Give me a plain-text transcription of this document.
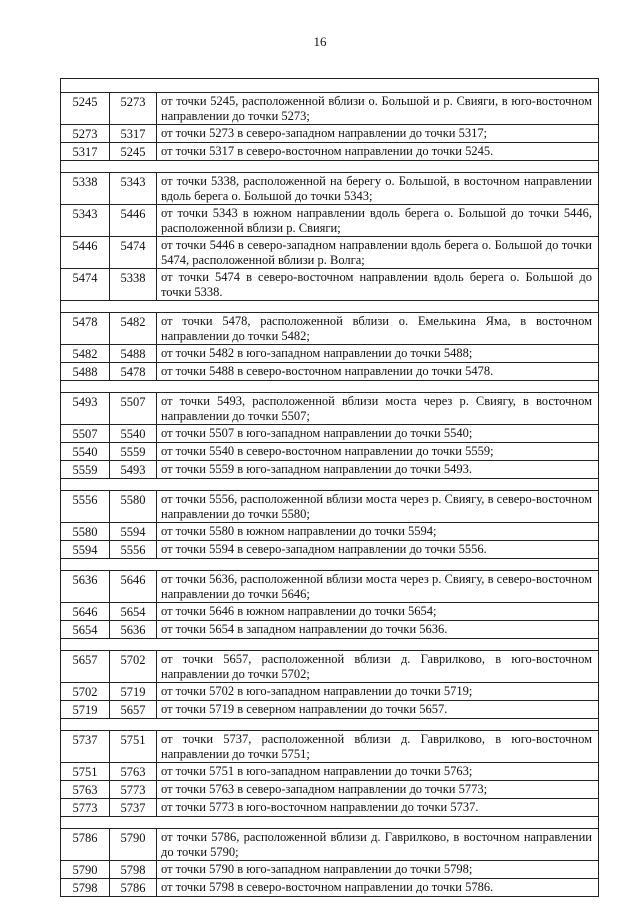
16
5245	5273	от точки 5245, расположенной вблизи о. Большой и р. Свияги, в юго-восточном направлении до точки 5273;
5273	5317	от точки 5273 в северо-западном направлении до точки 5317;
5317	5245	от точки 5317 в северо-восточном направлении до точки 5245.
5338	5343	от точки 5338, расположенной на берегу о. Большой, в восточном направлении вдоль берега о. Большой до точки 5343;
5343	5446	от точки 5343 в южном направлении вдоль берега о. Большой до точки 5446, расположенной вблизи р. Свияги;
5446	5474	от точки 5446 в северо-западном направлении вдоль берега о. Большой до точки 5474, расположенной вблизи р. Волга;
5474	5338	от точки 5474 в северо-восточном направлении вдоль берега о. Большой до точки 5338.
5478	5482	от точки 5478, расположенной вблизи о. Емелькина Яма, в восточном направлении до точки 5482;
5482	5488	от точки 5482 в юго-западном направлении до точки 5488;
5488	5478	от точки 5488 в северо-восточном направлении до точки 5478.
5493	5507	от точки 5493, расположенной вблизи моста через р. Свиягу, в восточном направлении до точки 5507;
5507	5540	от точки 5507 в юго-западном направлении до точки 5540;
5540	5559	от точки 5540 в северо-восточном направлении до точки 5559;
5559	5493	от точки 5559 в юго-западном направлении до точки 5493.
5556	5580	от точки 5556, расположенной вблизи моста через р. Свиягу, в северо-восточном направлении до точки 5580;
5580	5594	от точки 5580 в южном направлении до точки 5594;
5594	5556	от точки 5594 в северо-западном направлении до точки 5556.
5636	5646	от точки 5636, расположенной вблизи моста через р. Свиягу, в северо-восточном направлении до точки 5646;
5646	5654	от точки 5646 в южном направлении до точки 5654;
5654	5636	от точки 5654 в западном направлении до точки 5636.
5657	5702	от точки 5657, расположенной вблизи д. Гаврилково, в юго-восточном направлении до точки 5702;
5702	5719	от точки 5702 в юго-западном направлении до точки 5719;
5719	5657	от точки 5719 в северном направлении до точки 5657.
5737	5751	от точки 5737, расположенной вблизи д. Гаврилково, в юго-восточном направлении до точки 5751;
5751	5763	от точки 5751 в юго-западном направлении до точки 5763;
5763	5773	от точки 5763 в северо-западном направлении до точки 5773;
5773	5737	от точки 5773 в юго-восточном направлении до точки 5737.
5786	5790	от точки 5786, расположенной вблизи д. Гаврилково, в восточном направлении до точки 5790;
5790	5798	от точки 5790 в юго-западном направлении до точки 5798;
5798	5786	от точки 5798 в северо-восточном направлении до точки 5786.
